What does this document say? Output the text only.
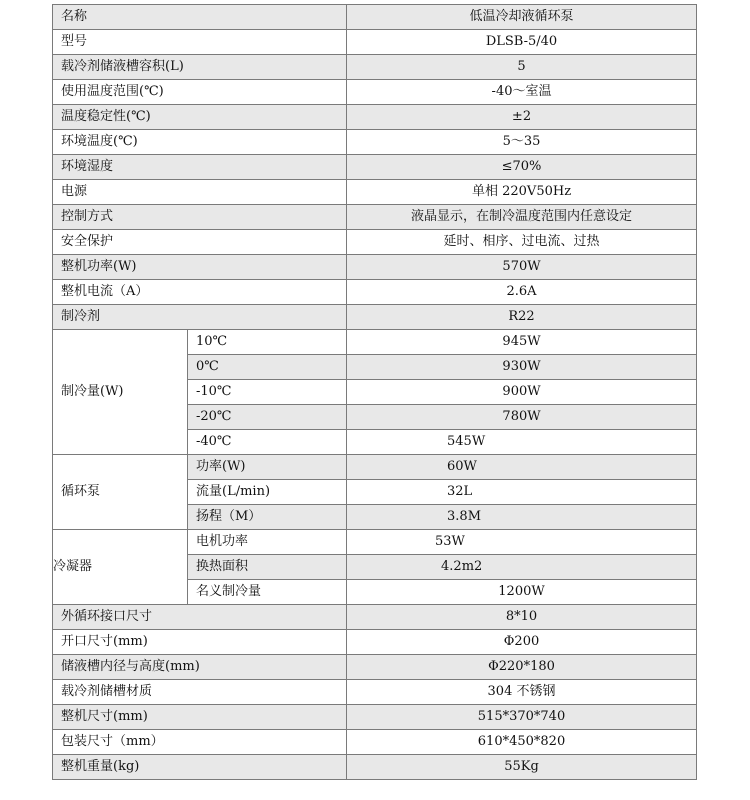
名称		低温冷却液循环泵
型号		DLSB-5/40
载冷剂储液槽容积(L)		5
使用温度范围(℃)		-40～室温
温度稳定性(℃)		±2
环境温度(℃)		5～35
环境湿度		≤70%
电源		单相 220V50Hz
控制方式		液晶显示，在制冷温度范围内任意设定
安全保护		延时、相序、过电流、过热
整机功率(W)		570W
整机电流（A）		2.6A
制冷剂		R22
制冷量(W)	10℃	945W
	0℃	930W
	-10℃	900W
	-20℃	780W
	-40℃	545W
循环泵	功率(W)	60W
	流量(L/min)	32L
	扬程（M）	3.8M
冷凝器	电机功率	53W
	换热面积	4.2m2
	名义制冷量	1200W
外循环接口尺寸		8*10
开口尺寸(mm)		Φ200
储液槽内径与高度(mm)		Φ220*180
载冷剂储槽材质		304 不锈钢
整机尺寸(mm)		515*370*740
包装尺寸（mm）		610*450*820
整机重量(kg)		55Kg
